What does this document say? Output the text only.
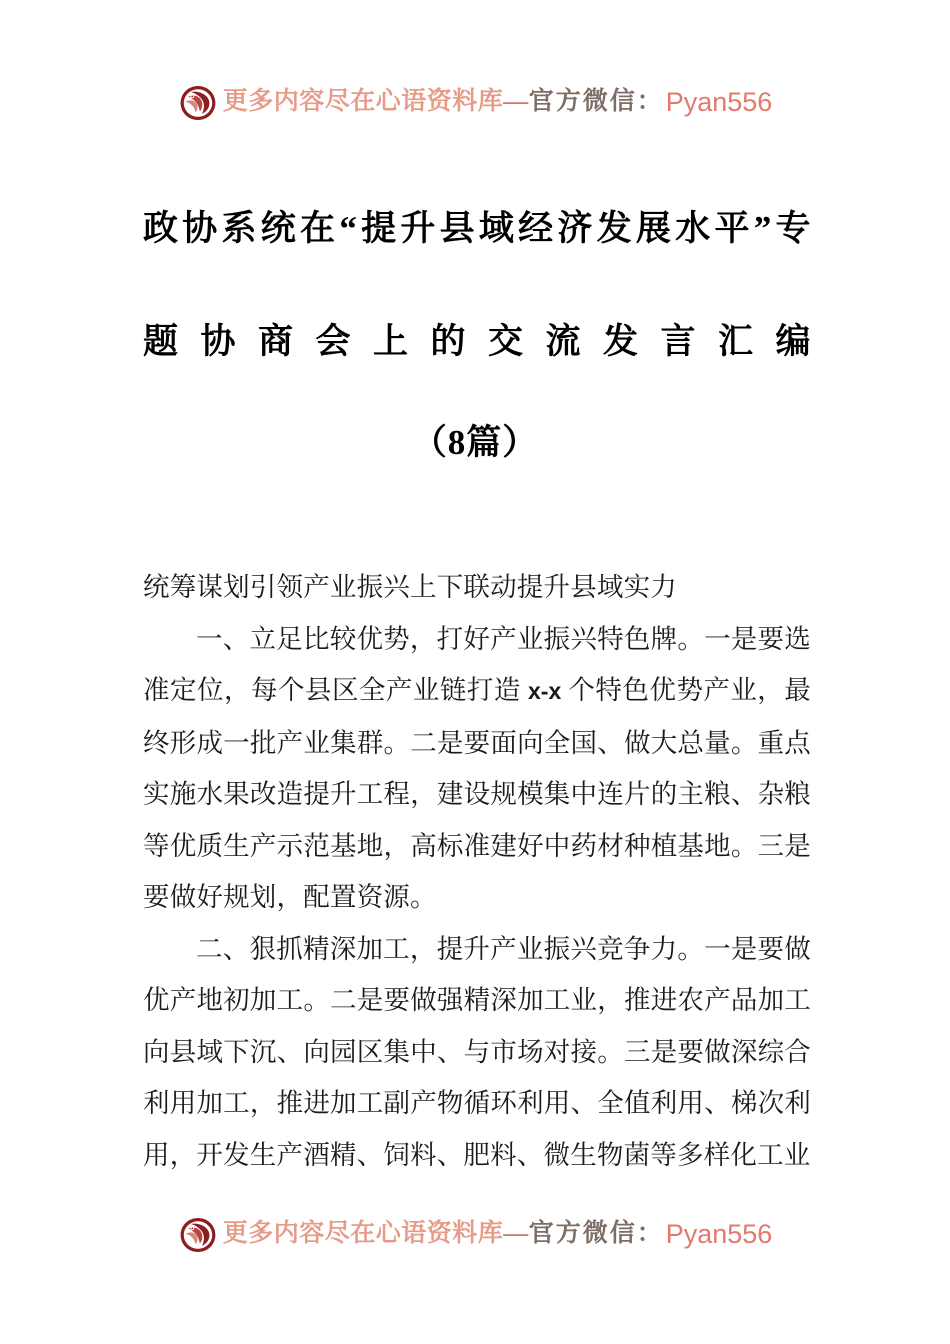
更多内容尽在心语资料库 — 官方微信： Pyan556
政协系统在“提升县域经济发展水平”专
题协商会上的交流发言汇编
（8篇）

统筹谋划引领产业振兴上下联动提升县域实力

一、立足比较优势，打好产业振兴特色牌。一是要选准定位，每个县区全产业链打造 x-x 个特色优势产业，最终形成一批产业集群。二是要面向全国、做大总量。重点实施水果改造提升工程，建设规模集中连片的主粮、杂粮等优质生产示范基地，高标准建好中药材种植基地。三是要做好规划，配置资源。

二、狠抓精深加工，提升产业振兴竞争力。一是要做优产地初加工。二是要做强精深加工业，推进农产品加工向县域下沉、向园区集中、与市场对接。三是要做深综合利用加工，推进加工副产物循环利用、全值利用、梯次利用，开发生产酒精、饲料、肥料、微生物菌等多样化工业

更多内容尽在心语资料库 — 官方微信： Pyan556
